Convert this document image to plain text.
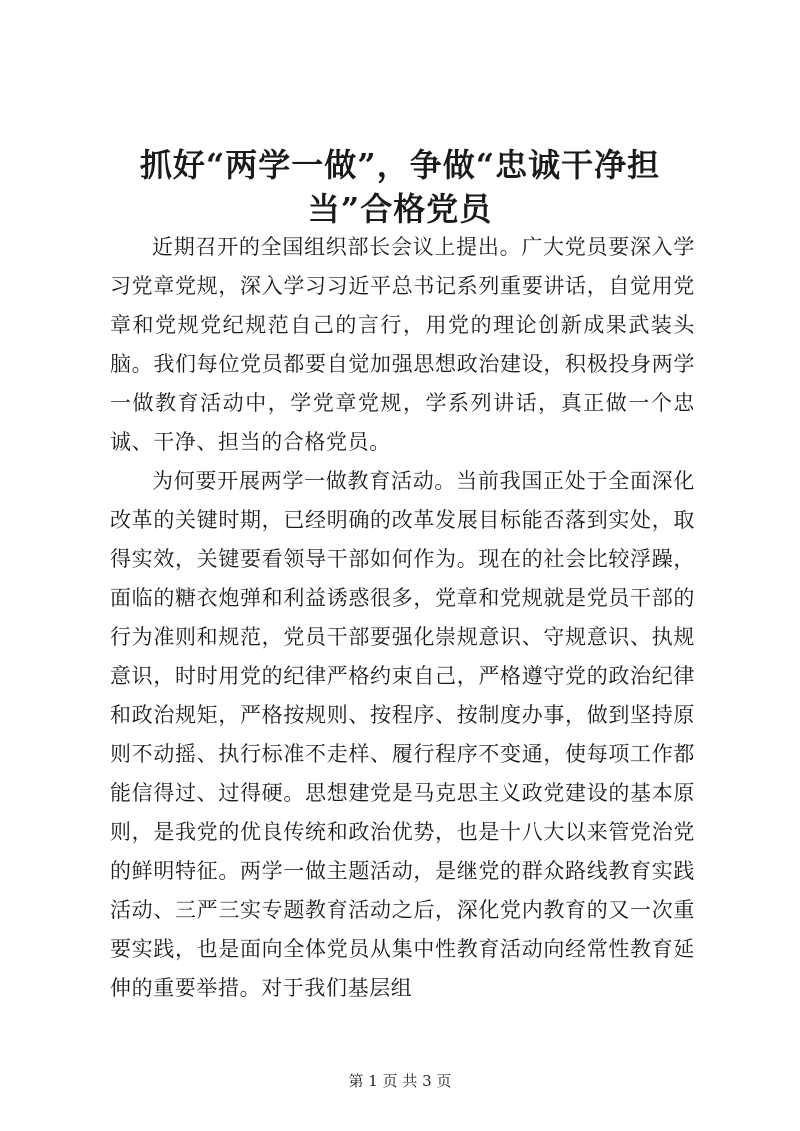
抓好“两学一做”，争做“忠诚干净担当”合格党员

近期召开的全国组织部长会议上提出。广大党员要深入学习党章党规，深入学习习近平总书记系列重要讲话，自觉用党章和党规党纪规范自己的言行，用党的理论创新成果武装头脑。我们每位党员都要自觉加强思想政治建设，积极投身两学一做教育活动中，学党章党规，学系列讲话，真正做一个忠诚、干净、担当的合格党员。

为何要开展两学一做教育活动。当前我国正处于全面深化改革的关键时期，已经明确的改革发展目标能否落到实处，取得实效，关键要看领导干部如何作为。现在的社会比较浮躁，面临的糖衣炮弹和利益诱惑很多，党章和党规就是党员干部的行为准则和规范，党员干部要强化崇规意识、守规意识、执规意识，时时用党的纪律严格约束自己，严格遵守党的政治纪律和政治规矩，严格按规则、按程序、按制度办事，做到坚持原则不动摇、执行标准不走样、履行程序不变通，使每项工作都能信得过、过得硬。思想建党是马克思主义政党建设的基本原则，是我党的优良传统和政治优势，也是十八大以来管党治党的鲜明特征。两学一做主题活动，是继党的群众路线教育实践活动、三严三实专题教育活动之后，深化党内教育的又一次重要实践，也是面向全体党员从集中性教育活动向经常性教育延伸的重要举措。对于我们基层组

第 1 页 共 3 页
